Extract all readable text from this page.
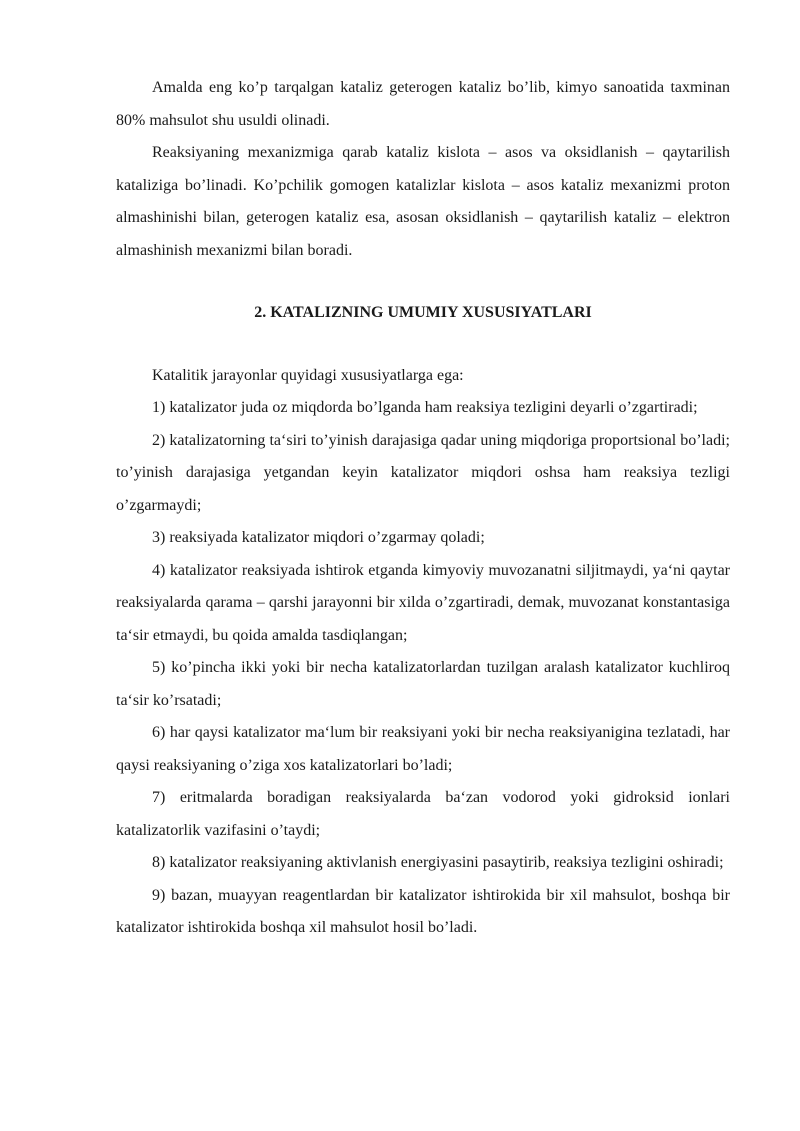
Amalda eng ko’p tarqalgan kataliz geterogen kataliz bo’lib, kimyo sanoatida taxminan 80% mahsulot shu usuldi olinadi.

Reaksiyaning mexanizmiga qarab kataliz kislota – asos va oksidlanish – qaytarilish kataliziga bo’linadi. Ko’pchilik gomogen katalizlar kislota – asos kataliz mexanizmi proton almashinishi bilan, geterogen kataliz esa, asosan oksidlanish – qaytarilish kataliz – elektron almashinish mexanizmi bilan boradi.

2. KATALIZNING UMUMIY XUSUSIYATLARI

Katalitik jarayonlar quyidagi xususiyatlarga ega:

1) katalizator juda oz miqdorda bo’lganda ham reaksiya tezligini deyarli o’zgartiradi;

2) katalizatorning ta‘siri to’yinish darajasiga qadar uning miqdoriga proportsional bo’ladi; to’yinish darajasiga yetgandan keyin katalizator miqdori oshsa ham reaksiya tezligi o’zgarmaydi;

3) reaksiyada katalizator miqdori o’zgarmay qoladi;

4) katalizator reaksiyada ishtirok etganda kimyoviy muvozanatni siljitmaydi, ya‘ni qaytar reaksiyalarda qarama – qarshi jarayonni bir xilda o’zgartiradi, demak, muvozanat konstantasiga ta‘sir etmaydi, bu qoida amalda tasdiqlangan;

5) ko’pincha ikki yoki bir necha katalizatorlardan tuzilgan aralash katalizator kuchliroq ta‘sir ko’rsatadi;

6) har qaysi katalizator ma‘lum bir reaksiyani yoki bir necha reaksiyanigina tezlatadi, har qaysi reaksiyaning o’ziga xos katalizatorlari bo’ladi;

7) eritmalarda boradigan reaksiyalarda ba‘zan vodorod yoki gidroksid ionlari katalizatorlik vazifasini o’taydi;

8) katalizator reaksiyaning aktivlanish energiyasini pasaytirib, reaksiya tezligini oshiradi;

9) bazan, muayyan reagentlardan bir katalizator ishtirokida bir xil mahsulot, boshqa bir katalizator ishtirokida boshqa xil mahsulot hosil bo’ladi.
